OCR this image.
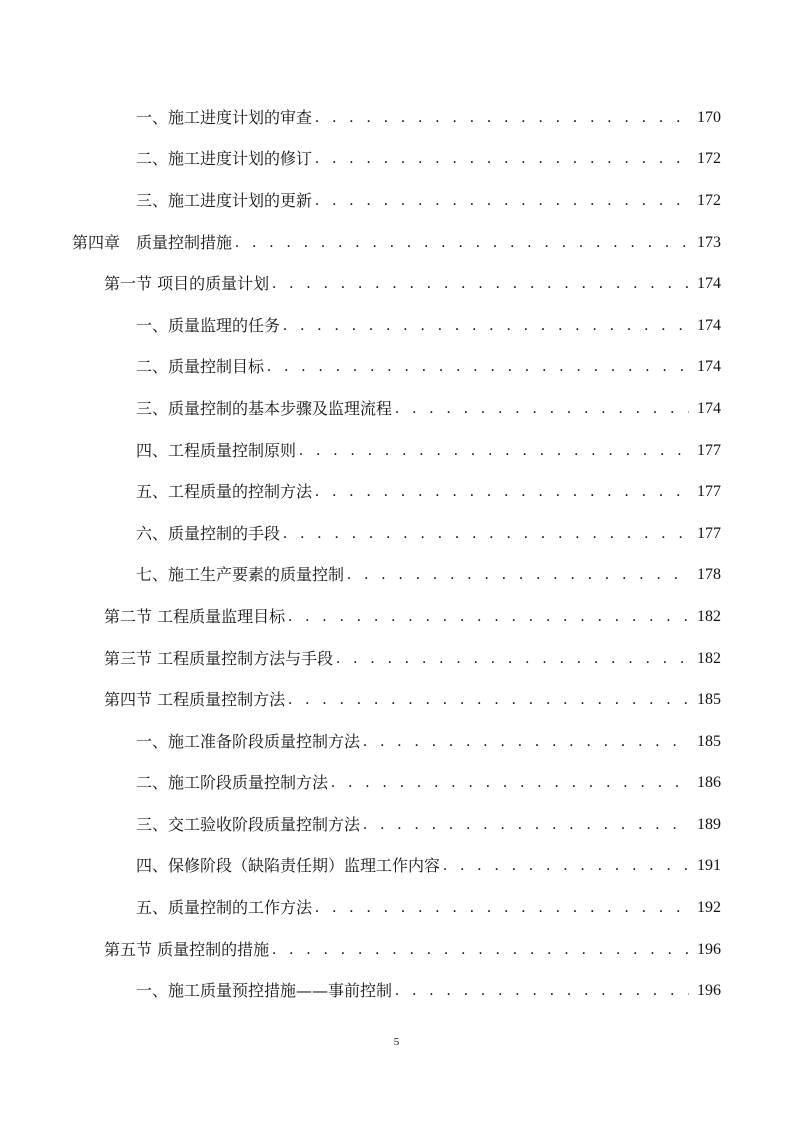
一、施工进度计划的审查 . . .	170
二、施工进度计划的修订 . . .	172
三、施工进度计划的更新 . . .	172
第四章　质量控制措施 . . .	173
第一节 项目的质量计划 . . .	174
一、质量监理的任务 . . .	174
二、质量控制目标 . . .	174
三、质量控制的基本步骤及监理流程 . . .	174
四、工程质量控制原则 . . .	177
五、工程质量的控制方法 . . .	177
六、质量控制的手段 . . .	177
七、施工生产要素的质量控制 . . .	178
第二节 工程质量监理目标 . . .	182
第三节 工程质量控制方法与手段 . . .	182
第四节 工程质量控制方法 . . .	185
一、施工准备阶段质量控制方法 . . .	185
二、施工阶段质量控制方法 . . .	186
三、交工验收阶段质量控制方法 . . .	189
四、保修阶段（缺陷责任期）监理工作内容 . . .	191
五、质量控制的工作方法 . . .	192
第五节 质量控制的措施 . . .	196
一、施工质量预控措施——事前控制 . . .	196
5
